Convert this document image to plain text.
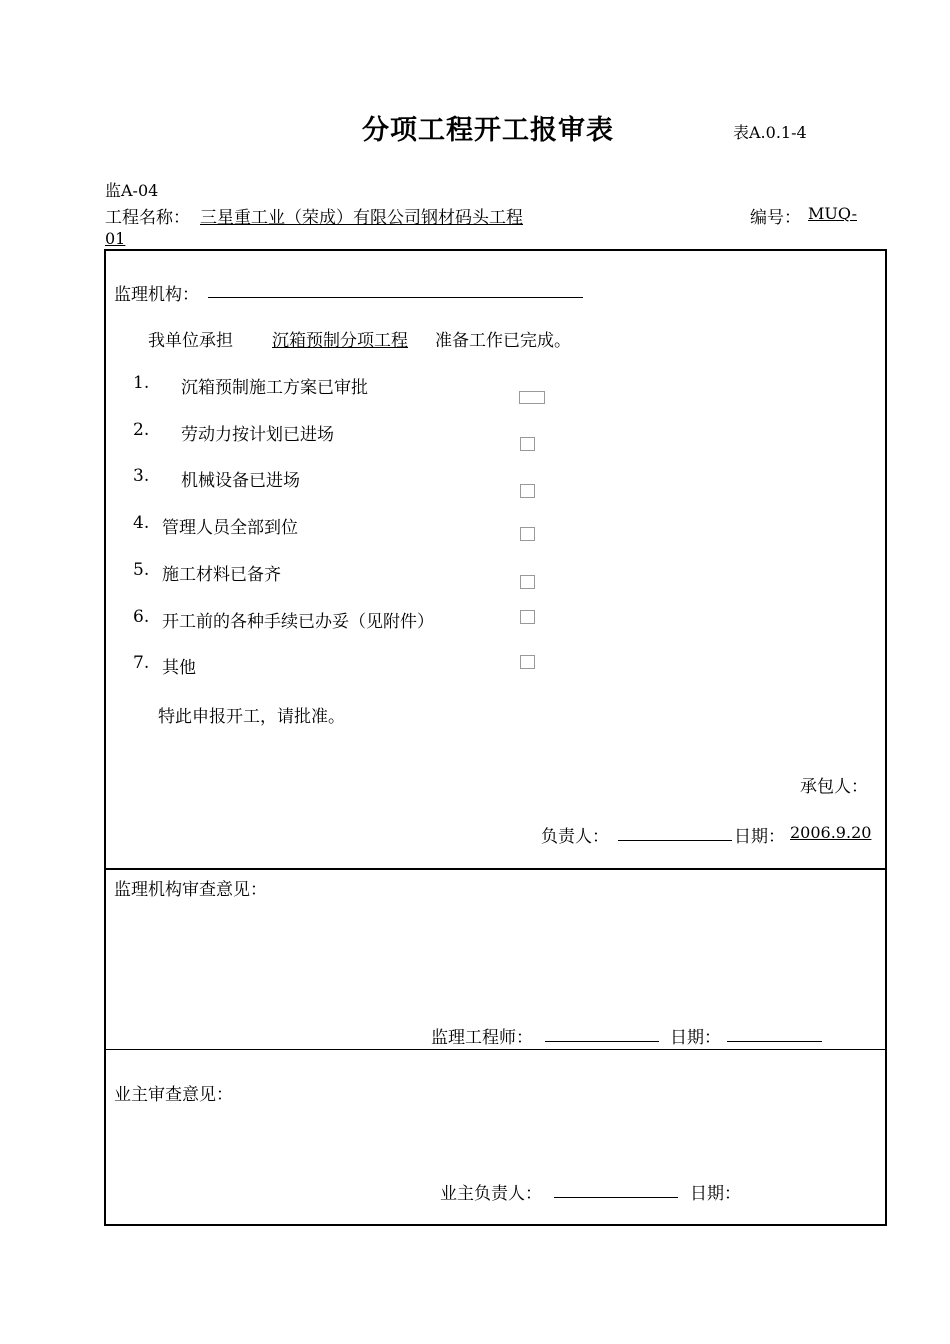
分项工程开工报审表	表A.0.1-4
监A-04
工程名称： 三星重工业（荣成）有限公司钢材码头工程	编号： MUQ-
01
监理机构：
我单位承担	沉箱预制分项工程	准备工作已完成。
1. 沉箱预制施工方案已审批
2. 劳动力按计划已进场
3. 机械设备已进场
4. 管理人员全部到位
5. 施工材料已备齐
6. 开工前的各种手续已办妥（见附件）
7. 其他
特此申报开工，请批准。
承包人：
负责人：	日期： 2006.9.20
监理机构审查意见：
监理工程师：	日期：
业主审查意见：
业主负责人：	日期：
